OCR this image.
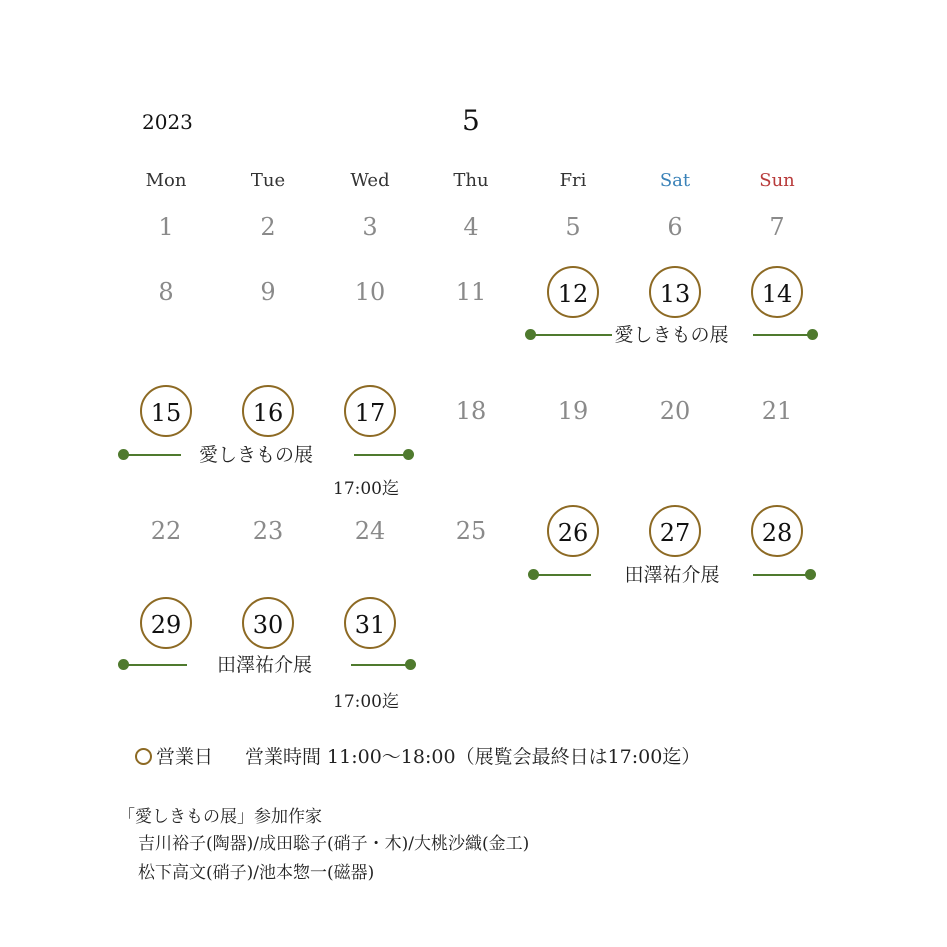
2023	5
Mon	Tue	Wed	Thu	Fri	Sat	Sun
1	2	3	4	5	6	7
8	9	10	11	12	13	14
愛しきもの展
15	16	17	18	19	20	21
愛しきもの展
17:00迄
22	23	24	25	26	27	28
田澤祐介展
29	30	31
田澤祐介展
17:00迄
営業日 営業時間 11:00〜18:00（展覧会最終日は17:00迄）
「愛しきもの展」参加作家
吉川裕子(陶器)/成田聡子(硝子・木)/大桃沙織(金工)
松下高文(硝子)/池本惣一(磁器)
